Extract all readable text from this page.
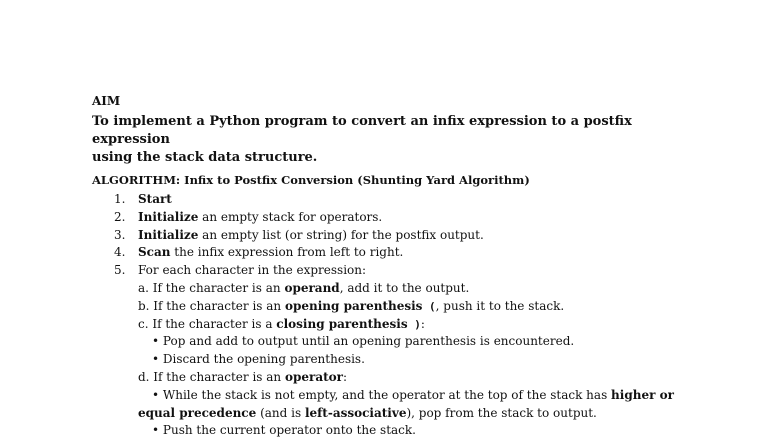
AIM
To implement a Python program to convert an infix expression to a postfix expression
using the stack data structure.
ALGORITHM: Infix to Postfix Conversion (Shunting Yard Algorithm)

1. Start

2. Initialize an empty stack for operators.

3. Initialize an empty list (or string) for the postfix output.

4. Scan the infix expression from left to right.

5. For each character in the expression:
a. If the character is an operand, add it to the output.
b. If the character is an opening parenthesis (, push it to the stack.
c. If the character is a closing parenthesis ):
• Pop and add to output until an opening parenthesis is encountered.
• Discard the opening parenthesis.
d. If the character is an operator:
• While the stack is not empty, and the operator at the top of the stack has higher or
equal precedence (and is left-associative), pop from the stack to output.
• Push the current operator onto the stack.
